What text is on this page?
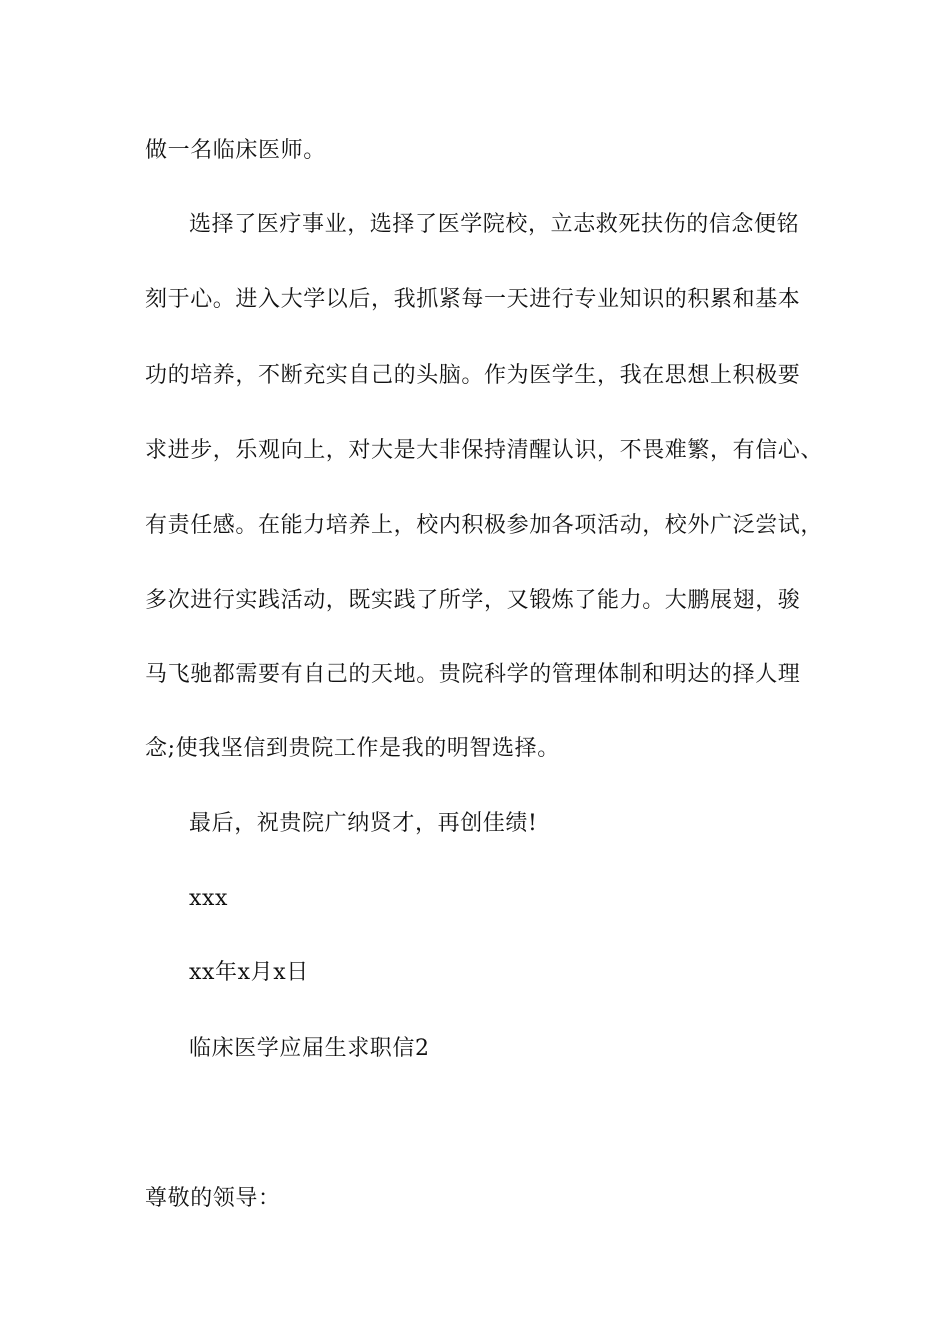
做一名临床医师。
选择了医疗事业，选择了医学院校，立志救死扶伤的信念便铭
刻于心。进入大学以后，我抓紧每一天进行专业知识的积累和基本
功的培养，不断充实自己的头脑。作为医学生，我在思想上积极要
求进步，乐观向上，对大是大非保持清醒认识，不畏难繁，有信心、
有责任感。在能力培养上，校内积极参加各项活动，校外广泛尝试，
多次进行实践活动，既实践了所学，又锻炼了能力。大鹏展翅，骏
马飞驰都需要有自己的天地。贵院科学的管理体制和明达的择人理
念;使我坚信到贵院工作是我的明智选择。
最后，祝贵院广纳贤才，再创佳绩!
xxx
xx年x月x日
临床医学应届生求职信2
尊敬的领导：
